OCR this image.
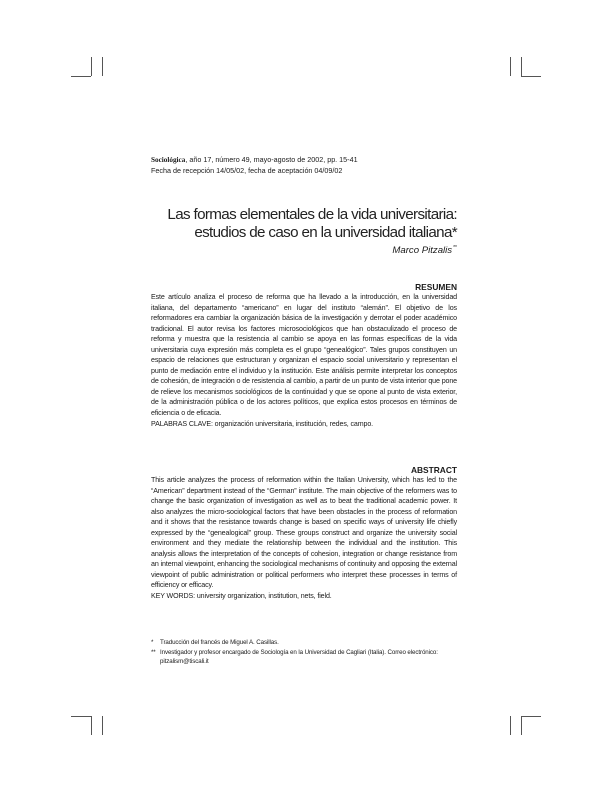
Sociológica, año 17, número 49, mayo-agosto de 2002, pp. 15-41
Fecha de recepción 14/05/02, fecha de aceptación 04/09/02
Las formas elementales de la vida universitaria:
estudios de caso en la universidad italiana*
Marco Pitzalis**
RESUMEN

Este artículo analiza el proceso de reforma que ha llevado a la introducción, en la universidad italiana, del departamento “americano” en lugar del instituto “alemán”. El objetivo de los reformadores era cambiar la organización básica de la investigación y derrotar el poder académico tradicional. El autor revisa los factores microsociológicos que han obstaculizado el proceso de reforma y muestra que la resistencia al cambio se apoya en las formas específicas de la vida universitaria cuya expresión más completa es el grupo “genealógico”. Tales grupos constituyen un espacio de relaciones que estructuran y organizan el espacio social universitario y representan el punto de mediación entre el individuo y la institución. Este análisis permite interpretar los conceptos de cohesión, de integración o de resistencia al cambio, a partir de un punto de vista interior que pone de relieve los mecanismos sociológicos de la continuidad y que se opone al punto de vista exterior, de la administración pública o de los actores políticos, que explica estos procesos en términos de eficiencia o de eficacia.

PALABRAS CLAVE: organización universitaria, institución, redes, campo.

ABSTRACT

This article analyzes the process of reformation within the Italian University, which has led to the “American” department instead of the “German” institute. The main objective of the reformers was to change the basic organization of investigation as well as to beat the traditional academic power. It also analyzes the micro-sociological factors that have been obstacles in the process of reformation and it shows that the resistance towards change is based on specific ways of university life chiefly expressed by the “genealogical” group. These groups construct and organize the university social environment and they mediate the relationship between the individual and the institution. This analysis allows the interpretation of the concepts of cohesion, integration or change resistance from an internal viewpoint, enhancing the sociological mechanisms of continuity and opposing the external viewpoint of public administration or political performers who interpret these processes in terms of efficiency or efficacy.

KEY WORDS: university organization, institution, nets, field.

*	Traducción del francés de Miguel A. Casillas.
** Investigador y profesor encargado de Sociología en la Universidad de Cagliari (Italia). Correo electrónico: pitzalism@tiscali.it
